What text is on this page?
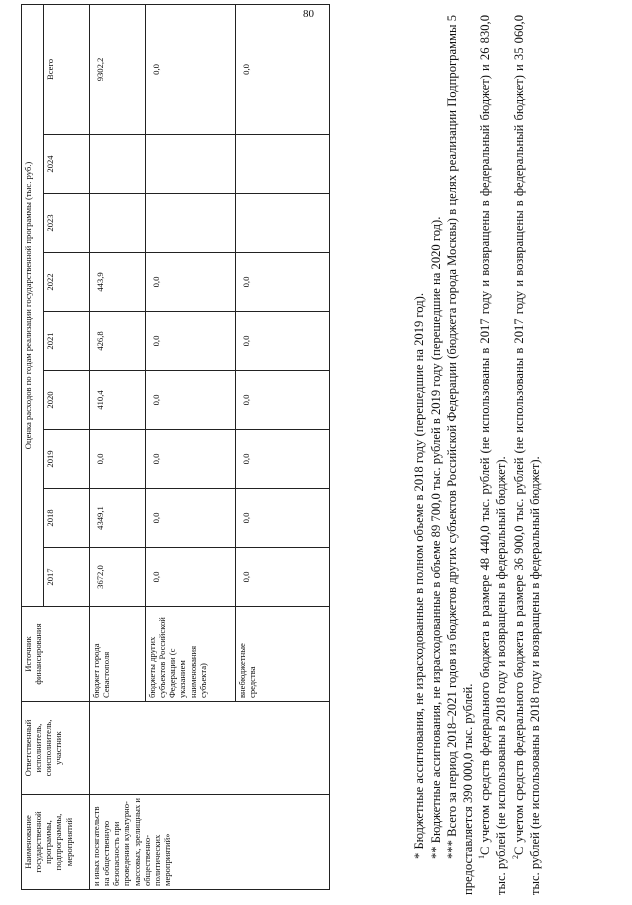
80
Наименование государственной программы, подпрограммы, мероприятий	Ответственный исполнитель, соисполнитель, участник	Источник финансирования	Оценка расходов по годам реализации государственной программы (тыс. руб.)								
			2017	2018	2019	2020	2021	2022	2023	2024	Всего
и иных посягательств на общественную безопасность при проведении культурно-массовых, зрелищных и общественно-политических мероприятий»		бюджет города Севастополя	3672,0	4349,1	0,0	410,4	426,8	443,9			9302,2
		бюджеты других субъектов Российской Федерации (с указанием наименования субъекта)	0,0	0,0	0,0	0,0	0,0	0,0			0,0
		внебюджетные средства	0,0	0,0	0,0	0,0	0,0	0,0			0,0

* Бюджетные ассигнования, не израсходованные в полном объеме в 2018 году (перешедшие на 2019 год). ** Бюджетные ассигнования, не израсходованные в объеме 89 700,0 тыс. рублей в 2019 году (перешедшие на 2020 год). *** Всего за период 2018–2021 годов из бюджетов других субъектов Российской Федерации (бюджета города Москвы) в целях реализации Подпрограммы 5 предоставляется 390 000,0 тыс. рублей. $^1$С учетом средств федерального бюджета в размере 48 440,0 тыс. рублей (не использованы в 2017 году и возвращены в федеральный бюджет) и 26 830,0 тыс. рублей (не использованы в 2018 году и возвращены в федеральный бюджет). $^2$С учетом средств федерального бюджета в размере 36 900,0 тыс. рублей (не использованы в 2017 году и возвращены в федеральный бюджет) и 35 060,0 тыс. рублей (не использованы в 2018 году и возвращены в федеральный бюджет).
